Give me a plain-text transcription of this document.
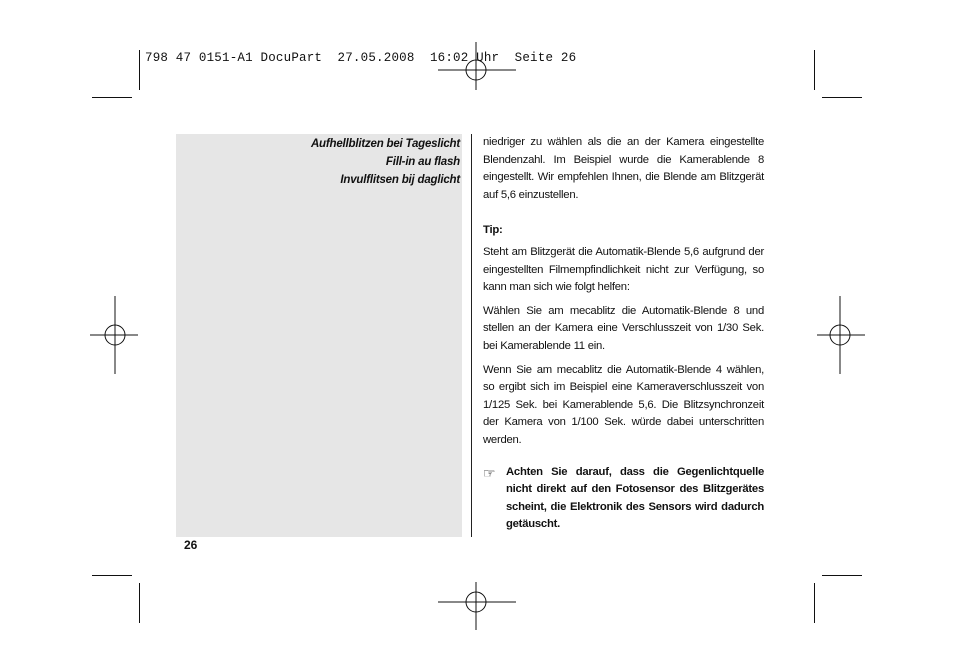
798 47 0151-A1 DocuPart  27.05.2008  16:02 Uhr  Seite 26
Aufhellblitzen bei Tageslicht
Fill-in au flash
Invulflitsen bij daglicht

niedriger zu wählen als die an der Kamera eingestellte Blendenzahl. Im Beispiel wurde die Kamerablende 8 eingestellt. Wir empfehlen Ihnen, die Blende am Blitzgerät auf 5,6 einzustellen.

Tip:

Steht am Blitzgerät die Automatik-Blende 5,6 aufgrund der eingestellten Filmempfindlichkeit nicht zur Verfügung, so kann man sich wie folgt helfen:

Wählen Sie am mecablitz die Automatik-Blende 8 und stellen an der Kamera eine Verschlusszeit von 1/30 Sek. bei Kamerablende 11 ein.

Wenn Sie am mecablitz die Automatik-Blende 4 wählen, so ergibt sich im Beispiel eine Kameraverschlusszeit von 1/125 Sek. bei Kamerablende 5,6. Die Blitzsynchronzeit der Kamera von 1/100 Sek. würde dabei unterschritten werden.

☞ Achten Sie darauf, dass die Gegenlichtquelle nicht direkt auf den Fotosensor des Blitzgerätes scheint, die Elektronik des Sensors wird dadurch getäuscht.
26
